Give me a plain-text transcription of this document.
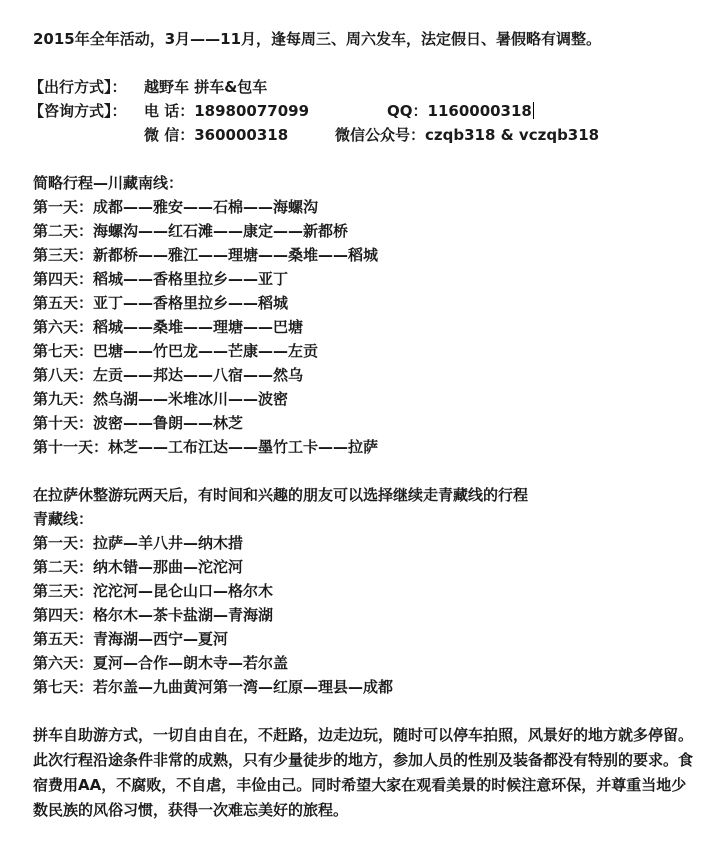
2015年全年活动，3月——11月，逢每周三、周六发车，法定假日、暑假略有调整。
【出行方式】： 越野车 拼车&包车
【咨询方式】： 电 话：18980077099	QQ：1160000318
微 信：360000318	微信公众号：czqb318 & vczqb318
简略行程—川藏南线：
第一天：成都——雅安——石棉——海螺沟
第二天：海螺沟——红石滩——康定——新都桥
第三天：新都桥——雅江——理塘——桑堆——稻城
第四天：稻城——香格里拉乡——亚丁
第五天：亚丁——香格里拉乡——稻城
第六天：稻城——桑堆——理塘——巴塘
第七天：巴塘——竹巴龙——芒康——左贡
第八天：左贡——邦达——八宿——然乌
第九天：然乌湖——米堆冰川——波密
第十天：波密——鲁朗——林芝
第十一天：林芝——工布江达——墨竹工卡——拉萨
在拉萨休整游玩两天后，有时间和兴趣的朋友可以选择继续走青藏线的行程
青藏线：
第一天：拉萨—羊八井—纳木措
第二天：纳木错—那曲—沱沱河
第三天：沱沱河—昆仑山口—格尔木
第四天：格尔木—茶卡盐湖—青海湖
第五天：青海湖—西宁—夏河
第六天：夏河—合作—朗木寺—若尔盖
第七天：若尔盖—九曲黄河第一湾—红原—理县—成都

拼车自助游方式，一切自由自在，不赶路，边走边玩，随时可以停车拍照，风景好的地方就多停留。此次行程沿途条件非常的成熟，只有少量徒步的地方，参加人员的性别及装备都没有特别的要求。食宿费用AA，不腐败，不自虐，丰俭由己。同时希望大家在观看美景的时候注意环保，并尊重当地少数民族的风俗习惯，获得一次难忘美好的旅程。
